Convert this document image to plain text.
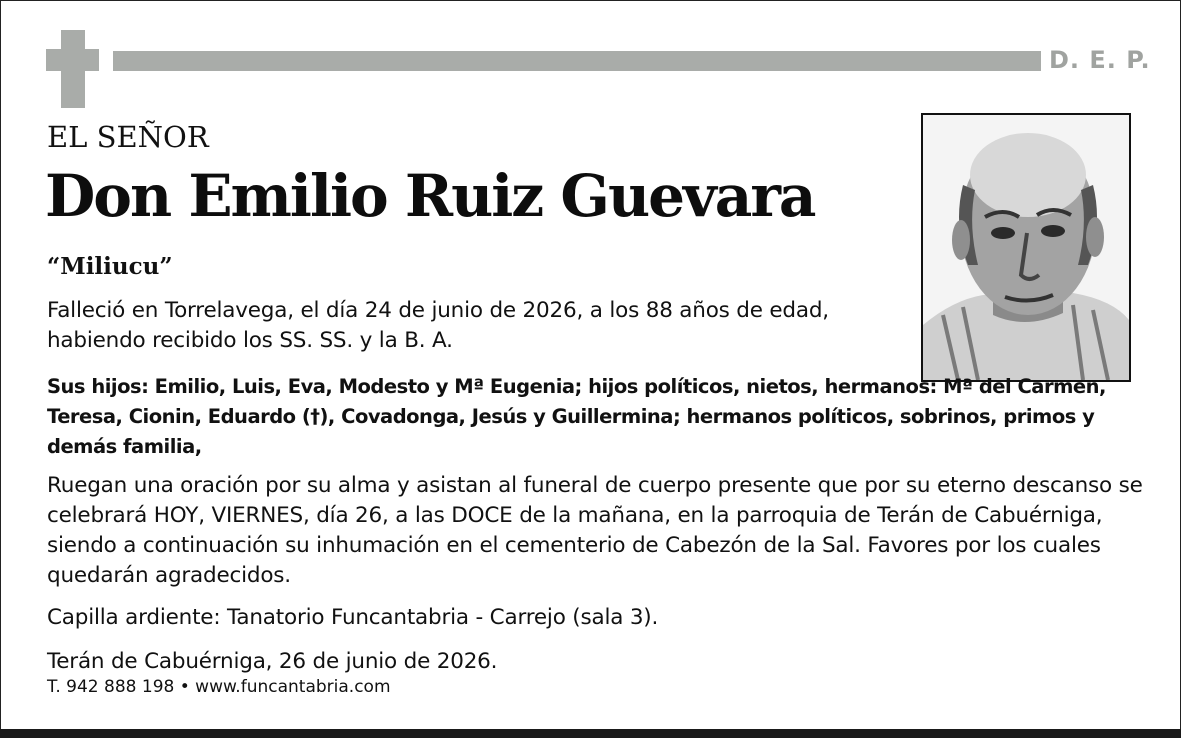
D. E. P.
EL SEÑOR
Don Emilio Ruiz Guevara
“Miliucu”
Falleció en Torrelavega, el día 24 de junio de 2026, a los 88 años de edad, habiendo recibido los SS. SS. y la B. A.
Sus hijos: Emilio, Luis, Eva, Modesto y Mª Eugenia; hijos políticos, nietos, hermanos: Mª del Carmen, Teresa, Cionin, Eduardo (†), Covadonga, Jesús y Guillermina; hermanos políticos, sobrinos, primos y demás familia,
Ruegan una oración por su alma y asistan al funeral de cuerpo presente que por su eterno descanso se celebrará HOY, VIERNES, día 26, a las DOCE de la mañana, en la parroquia de Terán de Cabuérniga, siendo a continuación su inhumación en el cementerio de Cabezón de la Sal. Favores por los cuales quedarán agradecidos.
Capilla ardiente: Tanatorio Funcantabria - Carrejo (sala 3).
Terán de Cabuérniga, 26 de junio de 2026.
T. 942 888 198 • www.funcantabria.com
